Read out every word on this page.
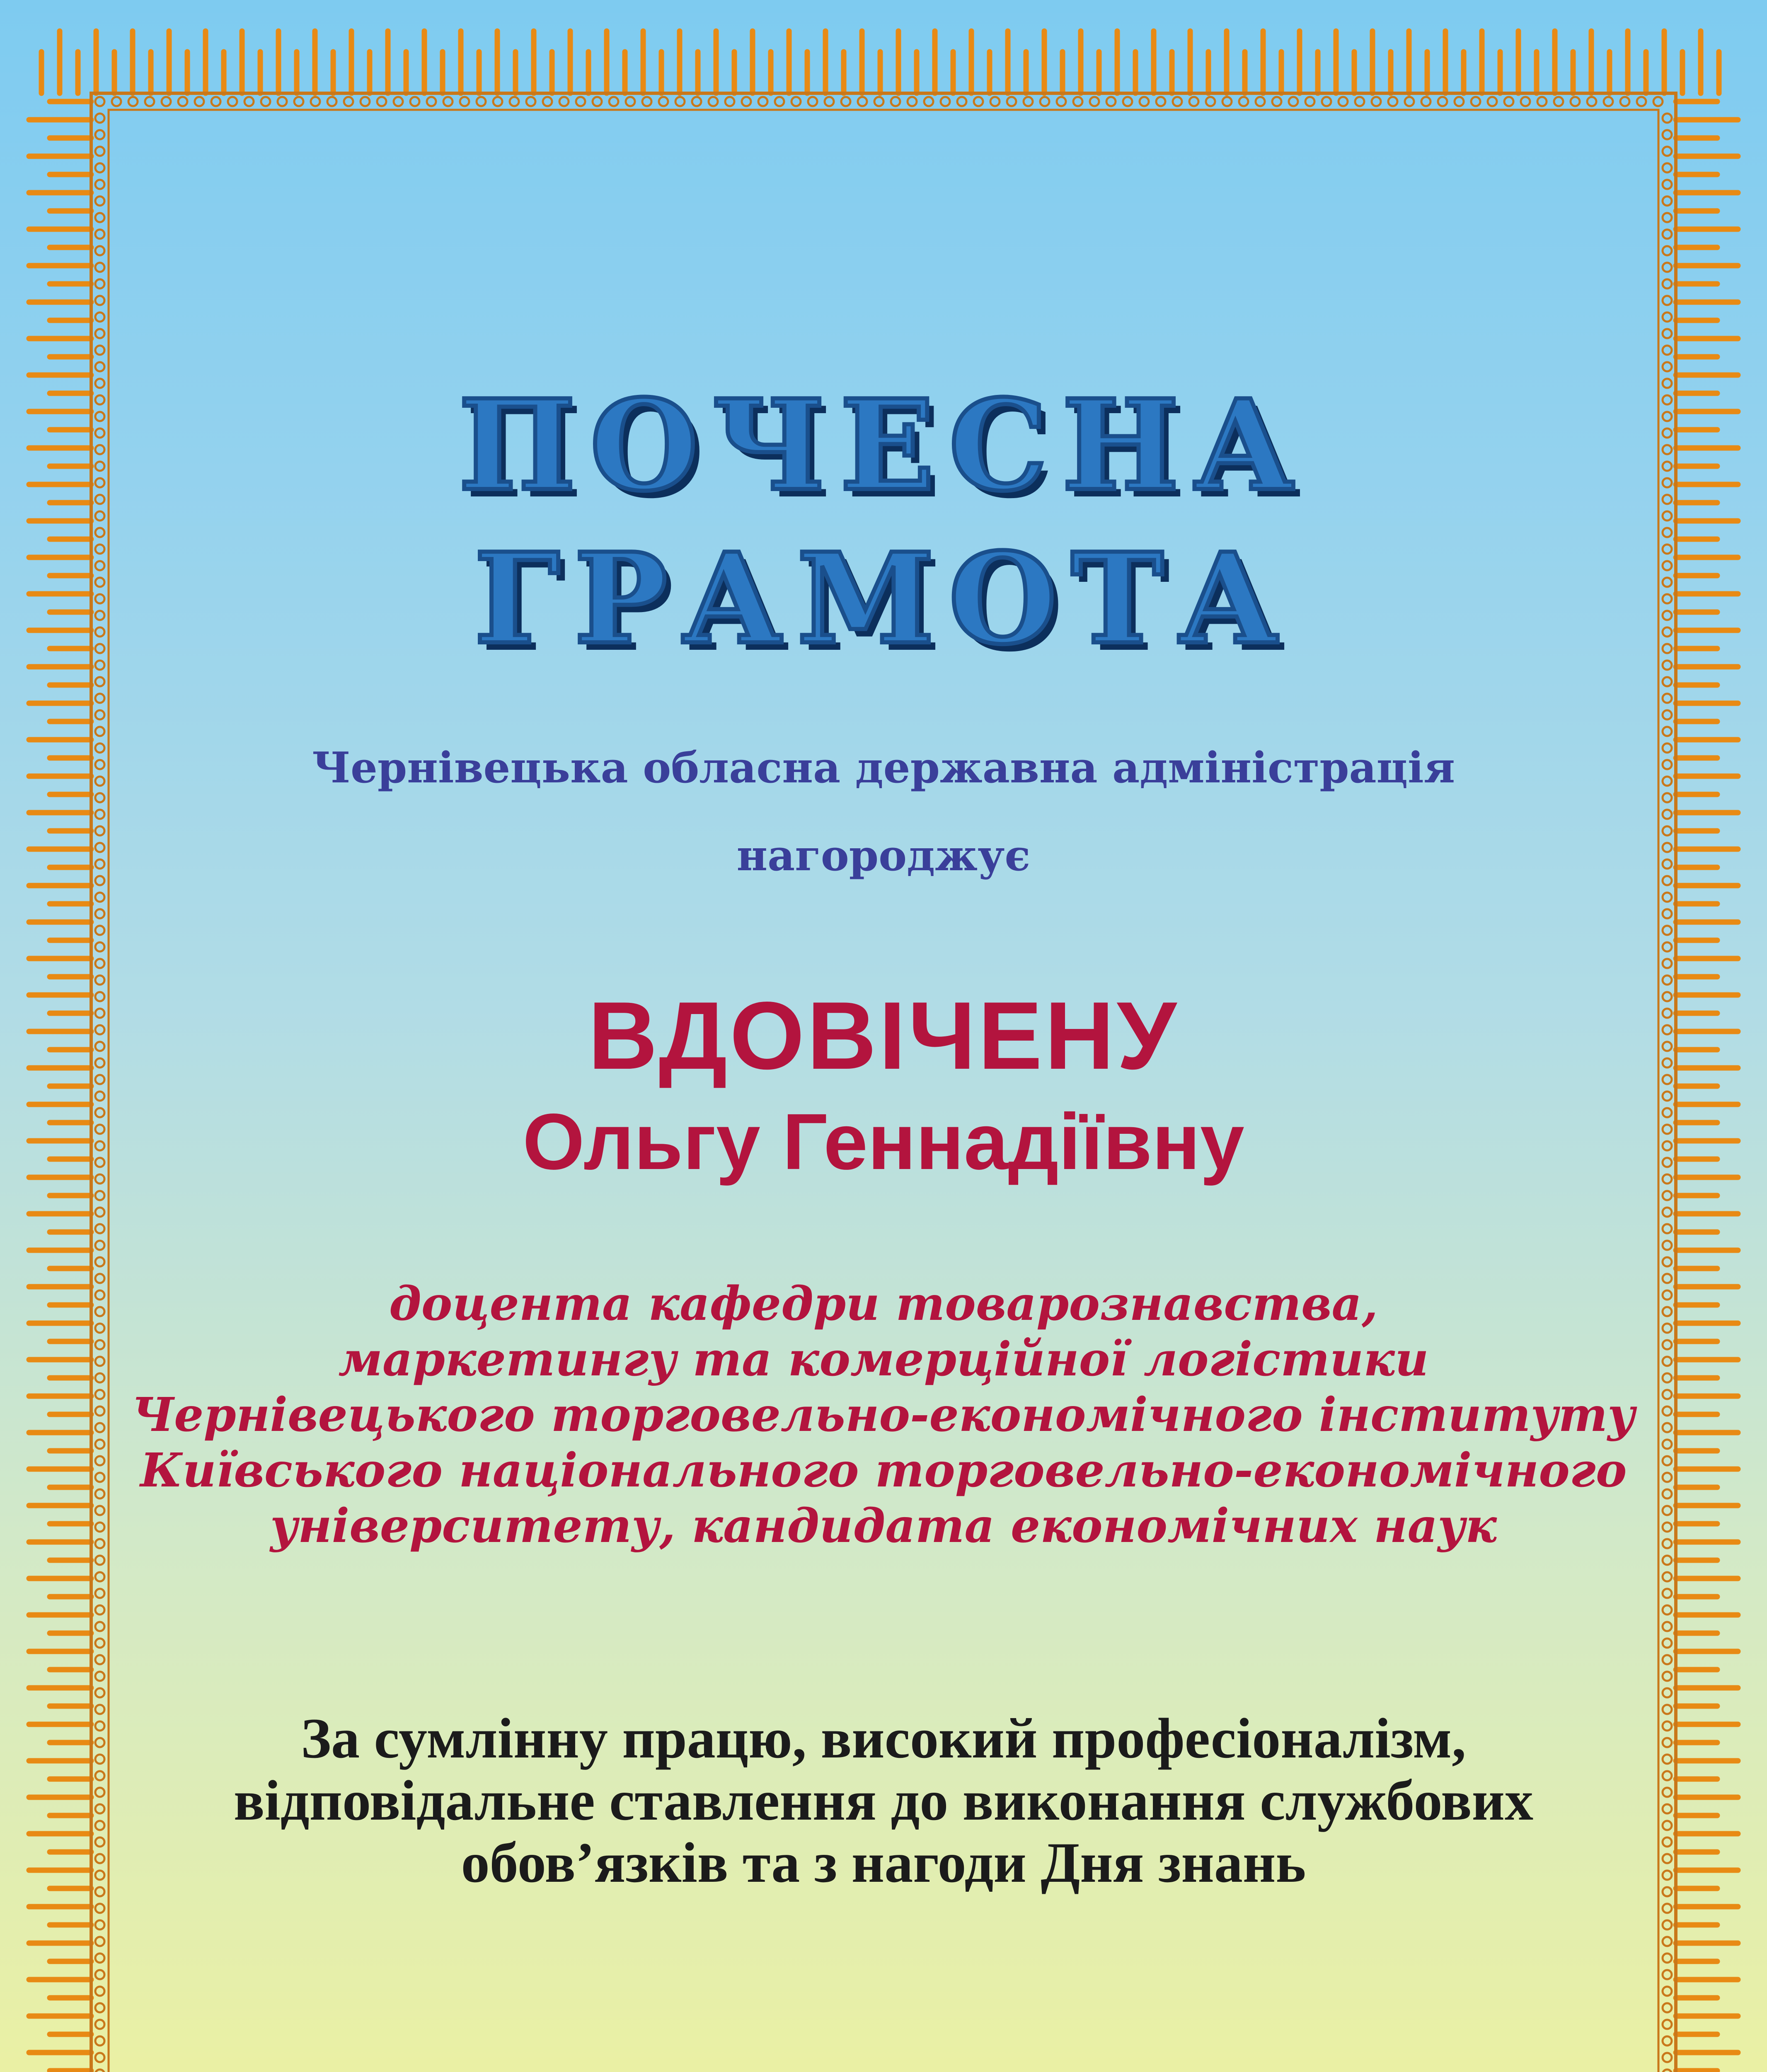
ПОЧЕСНА
ГРАМОТА

Чернівецька обласна державна адміністрація

нагороджує

ВДОВІЧЕНУ

Ольгу Геннадіївну

доцента кафедри товарознавства,
маркетингу та комерційної логістики
Чернівецького торговельно-економічного інституту
Київського національного торговельно-економічного
університету, кандидата економічних наук
За сумлінну працю, високий професіоналізм,
відповідальне ставлення до виконання службових
обов’язків та з нагоди Дня знань
